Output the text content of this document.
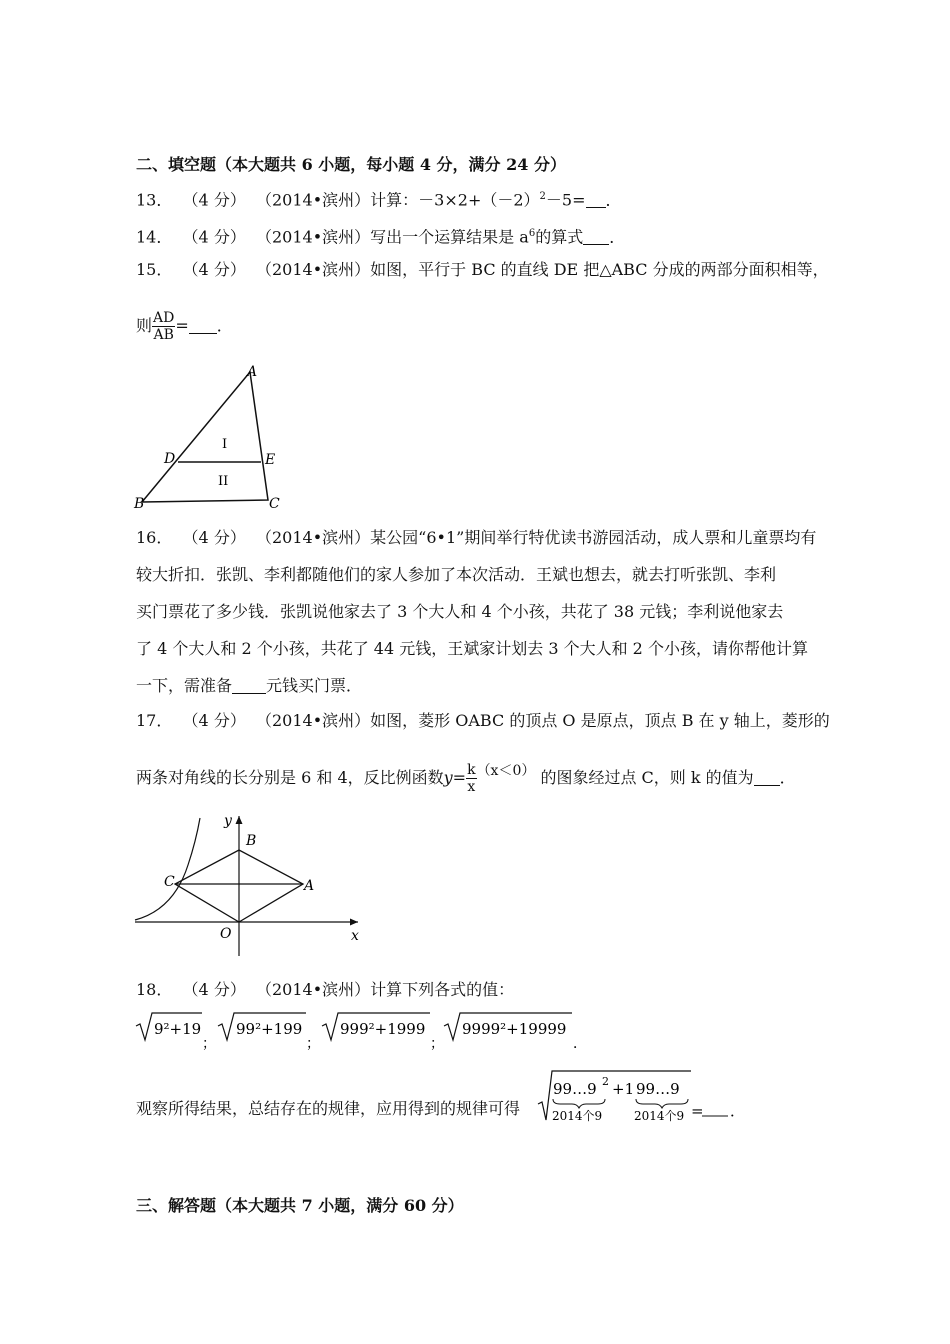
二、填空题（本大题共 6 小题，每小题 4 分，满分 24 分）
13． （4 分） （2014•滨州）计算：$-3\times 2+(-2)^2-5=$ ．
14． （4 分） （2014•滨州）写出一个运算结果是 $a^6$的算式 ．
15． （4 分） （2014•滨州）如图，平行于 BC 的直线 DE 把△ABC 分成的两部分面积相等，
则 $\frac{AD}{AB}$ = ．
A
B	C
D	E
I
II
16． （4 分） （2014•滨州）某公园“6•1”期间举行特优读书游园活动，成人票和儿童票均有
较大折扣．张凯、李利都随他们的家人参加了本次活动．王斌也想去，就去打听张凯、李利
买门票花了多少钱．张凯说他家去了 3 个大人和 4 个小孩，共花了 38 元钱；李利说他家去
了 4 个大人和 2 个小孩，共花了 44 元钱，王斌家计划去 3 个大人和 2 个小孩，请你帮他计算
一下，需准备 元钱买门票．
17． （4 分） （2014•滨州）如图，菱形 OABC 的顶点 O 是原点，顶点 B 在 y 轴上，菱形的
两条对角线的长分别是 6 和 4，反比例函数$y= \frac{k}{x} (x<0)$ 的图象经过点 C，则 k 的值为 ．
y
x
B
A
C
O
18． （4 分） （2014•滨州）计算下列各式的值：
9²+19
；
99²+199
；
999²+1999
；
9999²+19999
．
观察所得结果，总结存在的规律，应用得到的规律可得
99…9 2 +1 99…9
2014个9	2014个9 = ．
三、解答题（本大题共 7 小题，满分 60 分）
